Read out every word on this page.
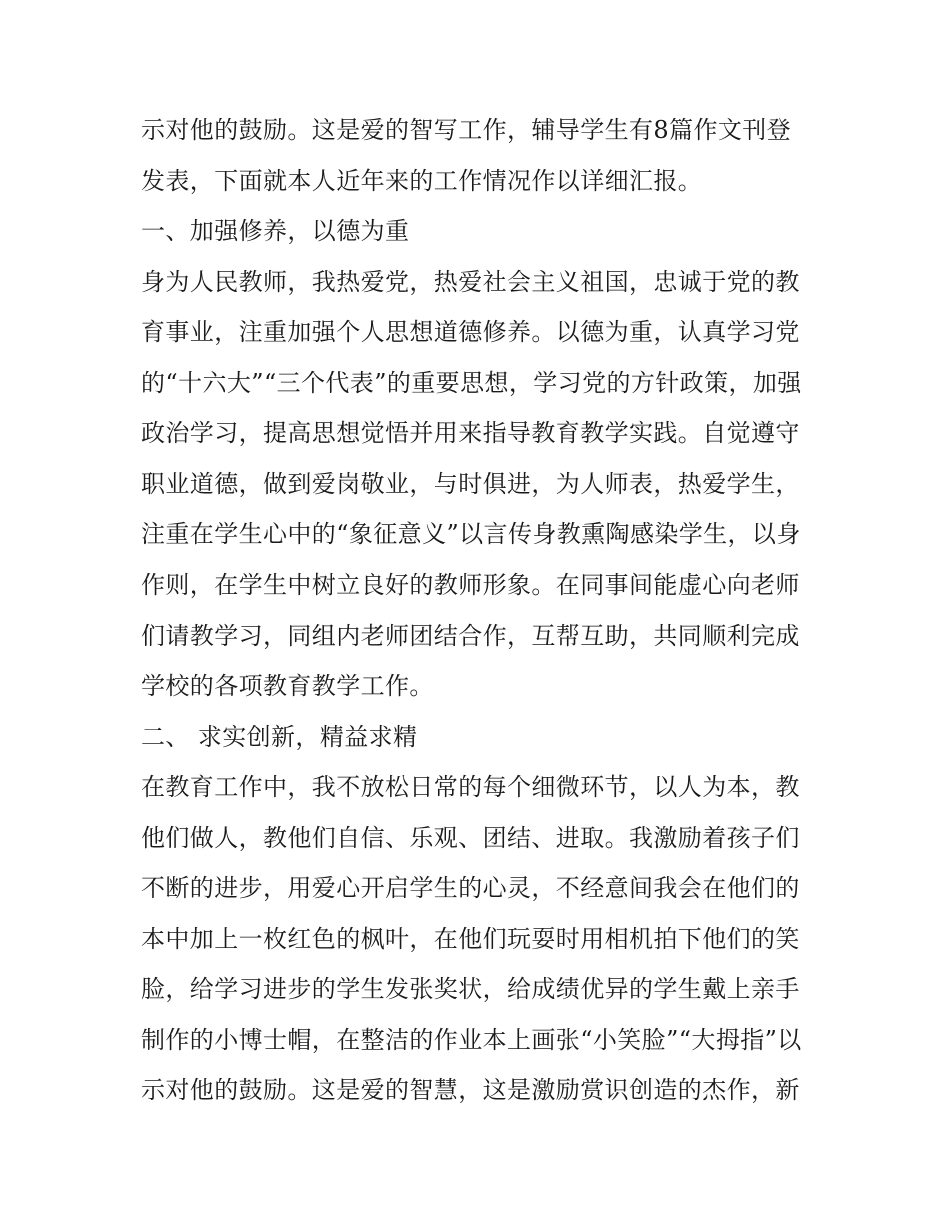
示对他的鼓励。这是爱的智写工作，辅导学生有8篇作文刊登
发表，下面就本人近年来的工作情况作以详细汇报。
一、加强修养，以德为重
身为人民教师，我热爱党，热爱社会主义祖国，忠诚于党的教
育事业，注重加强个人思想道德修养。以德为重，认真学习党
的“十六大”“三个代表”的重要思想，学习党的方针政策，加强
政治学习，提高思想觉悟并用来指导教育教学实践。自觉遵守
职业道德，做到爱岗敬业，与时俱进，为人师表，热爱学生，
注重在学生心中的“象征意义”以言传身教熏陶感染学生，以身
作则，在学生中树立良好的教师形象。在同事间能虚心向老师
们请教学习，同组内老师团结合作，互帮互助，共同顺利完成
学校的各项教育教学工作。
二、 求实创新，精益求精
在教育工作中，我不放松日常的每个细微环节，以人为本，教
他们做人，教他们自信、乐观、团结、进取。我激励着孩子们
不断的进步，用爱心开启学生的心灵，不经意间我会在他们的
本中加上一枚红色的枫叶，在他们玩耍时用相机拍下他们的笑
脸，给学习进步的学生发张奖状，给成绩优异的学生戴上亲手
制作的小博士帽，在整洁的作业本上画张“小笑脸”“大拇指”以
示对他的鼓励。这是爱的智慧，这是激励赏识创造的杰作，新
